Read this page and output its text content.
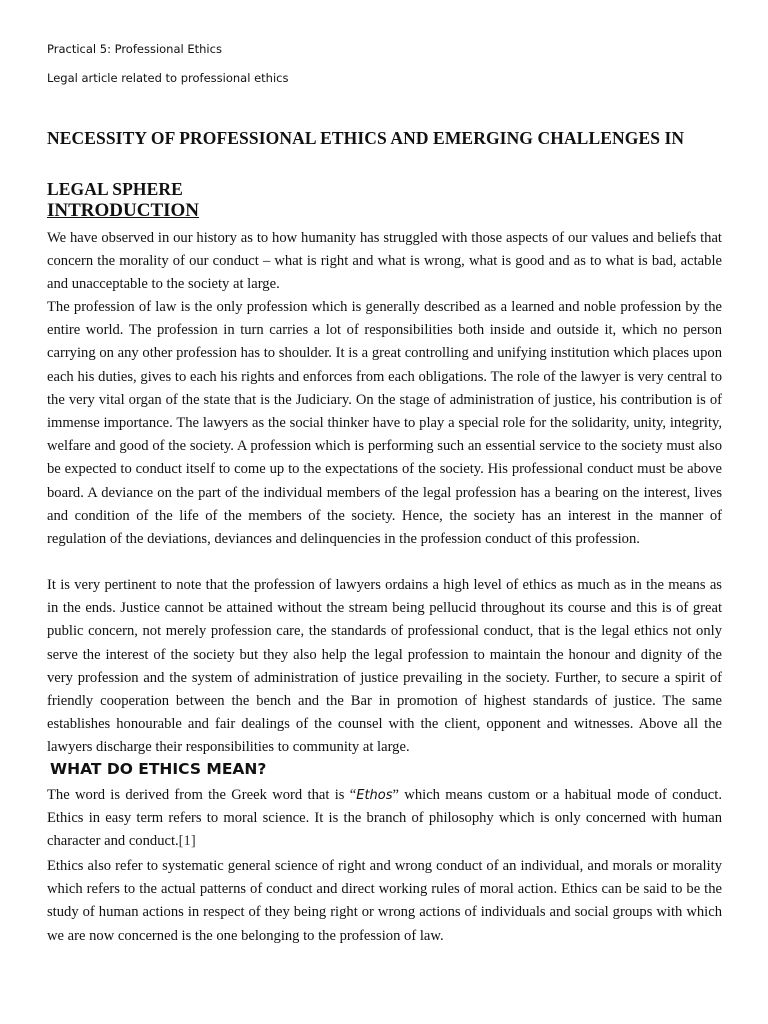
Practical 5: Professional Ethics
Legal article related to professional ethics
NECESSITY OF PROFESSIONAL ETHICS AND EMERGING CHALLENGES IN
LEGAL SPHERE
INTRODUCTION

We have observed in our history as to how humanity has struggled with those aspects of our values and beliefs that concern the morality of our conduct – what is right and what is wrong, what is good and as to what is bad, actable and unacceptable to the society at large.

The profession of law is the only profession which is generally described as a learned and noble profession by the entire world. The profession in turn carries a lot of responsibilities both inside and outside it, which no person carrying on any other profession has to shoulder. It is a great controlling and unifying institution which places upon each his duties, gives to each his rights and enforces from each obligations. The role of the lawyer is very central to the very vital organ of the state that is the Judiciary. On the stage of administration of justice, his contribution is of immense importance. The lawyers as the social thinker have to play a special role for the solidarity, unity, integrity, welfare and good of the society. A profession which is performing such an essential service to the society must also be expected to conduct itself to come up to the expectations of the society. His professional conduct must be above board. A deviance on the part of the individual members of the legal profession has a bearing on the interest, lives and condition of the life of the members of the society. Hence, the society has an interest in the manner of regulation of the deviations, deviances and delinquencies in the profession conduct of this profession.

It is very pertinent to note that the profession of lawyers ordains a high level of ethics as much as in the means as in the ends. Justice cannot be attained without the stream being pellucid throughout its course and this is of great public concern, not merely profession care, the standards of professional conduct, that is the legal ethics not only serve the interest of the society but they also help the legal profession to maintain the honour and dignity of the very profession and the system of administration of justice prevailing in the society. Further, to secure a spirit of friendly cooperation between the bench and the Bar in promotion of highest standards of justice. The same establishes honourable and fair dealings of the counsel with the client, opponent and witnesses. Above all the lawyers discharge their responsibilities to community at large.

WHAT DO ETHICS MEAN?

The word is derived from the Greek word that is “Ethos” which means custom or a habitual mode of conduct. Ethics in easy term refers to moral science. It is the branch of philosophy which is only concerned with human character and conduct.[1]

Ethics also refer to systematic general science of right and wrong conduct of an individual, and morals or morality which refers to the actual patterns of conduct and direct working rules of moral action. Ethics can be said to be the study of human actions in respect of they being right or wrong actions of individuals and social groups with which we are now concerned is the one belonging to the profession of law.
